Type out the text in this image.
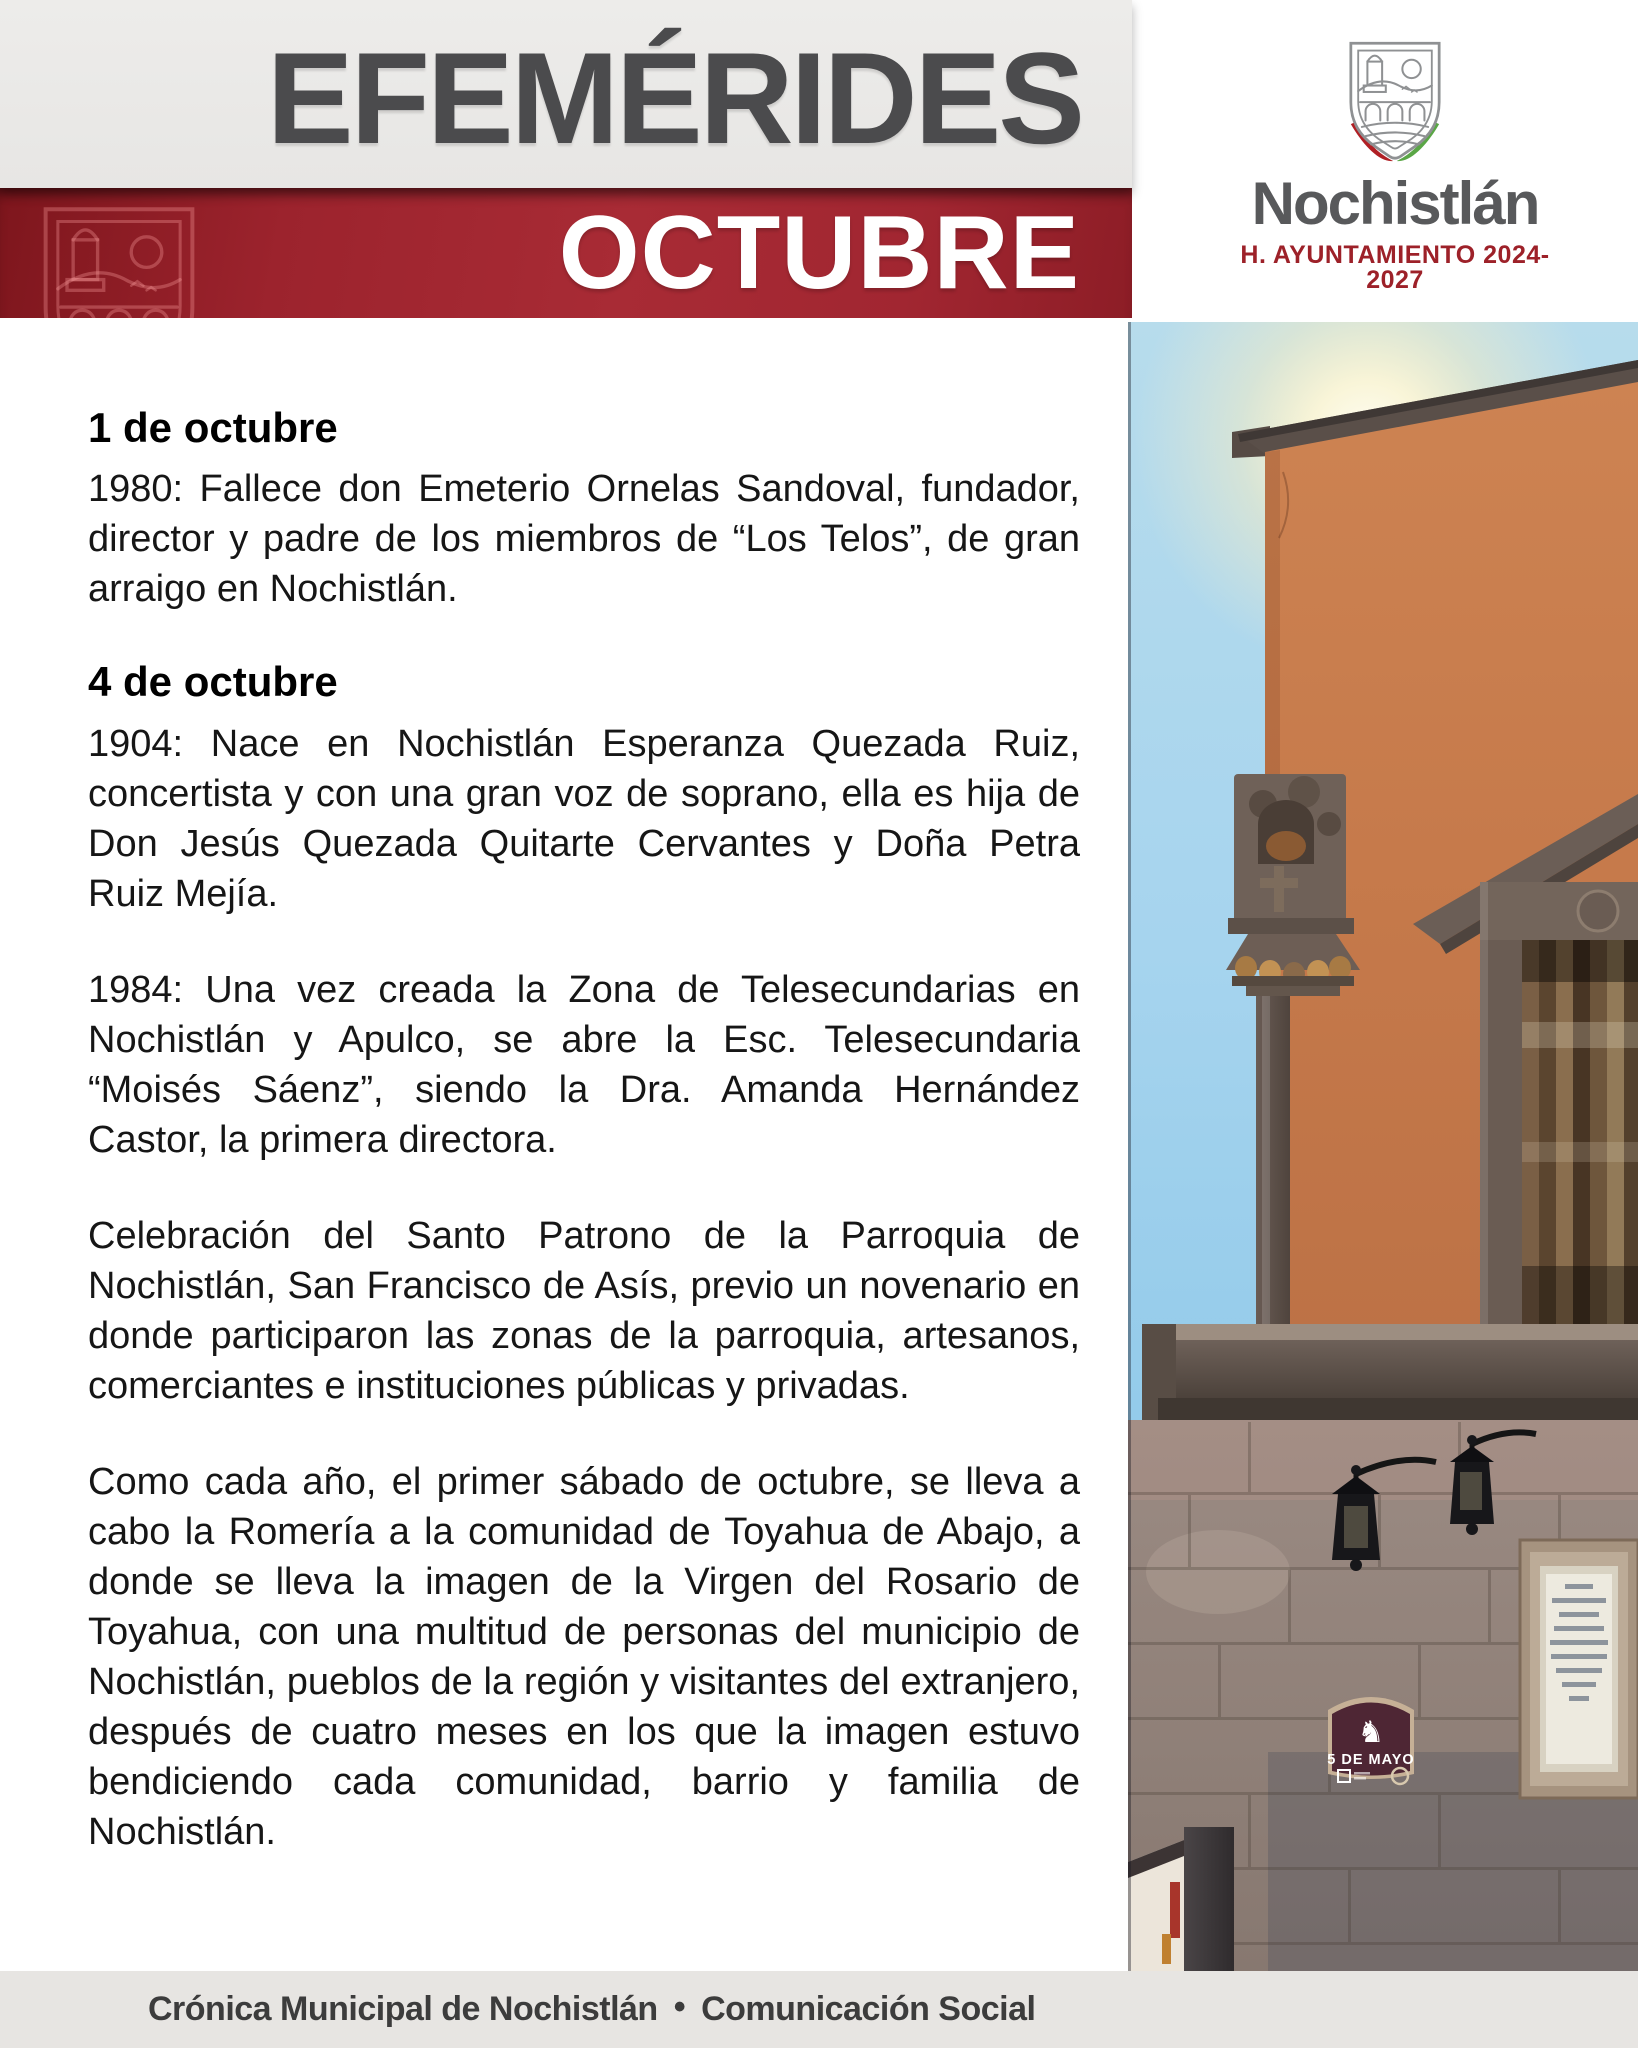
EFEMÉRIDES
OCTUBRE	Nochistlán
H. AYUNTAMIENTO 2024-2027
1 de octubre

1980: Fallece don Emeterio Ornelas Sandoval, fundador, director y padre de los miembros de “Los Telos”, de gran arraigo en Nochistlán.

4 de octubre

1904: Nace en Nochistlán Esperanza Quezada Ruiz, concertista y con una gran voz de soprano, ella es hija de Don Jesús Quezada Quitarte Cervantes y Doña Petra Ruiz Mejía.

1984: Una vez creada la Zona de Telesecundarias en Nochistlán y Apulco, se abre la Esc. Telesecundaria “Moisés Sáenz”, siendo la Dra. Amanda Hernández Castor, la primera directora.

Celebración del Santo Patrono de la Parroquia de Nochistlán, San Francisco de Asís, previo un novenario en donde participaron las zonas de la parroquia, artesanos, comerciantes e instituciones públicas y privadas.

Como cada año, el primer sábado de octubre, se lleva a cabo la Romería a la comunidad de Toyahua de Abajo, a donde se lleva la imagen de la Virgen del Rosario de Toyahua, con una multitud de personas del municipio de Nochistlán, pueblos de la región y visitantes del extranjero, después de cuatro meses en los que la imagen estuvo bendiciendo cada comunidad, barrio y familia de Nochistlán.

♞
5 DE MAYO
Crónica Municipal de Nochistlán • Comunicación Social
